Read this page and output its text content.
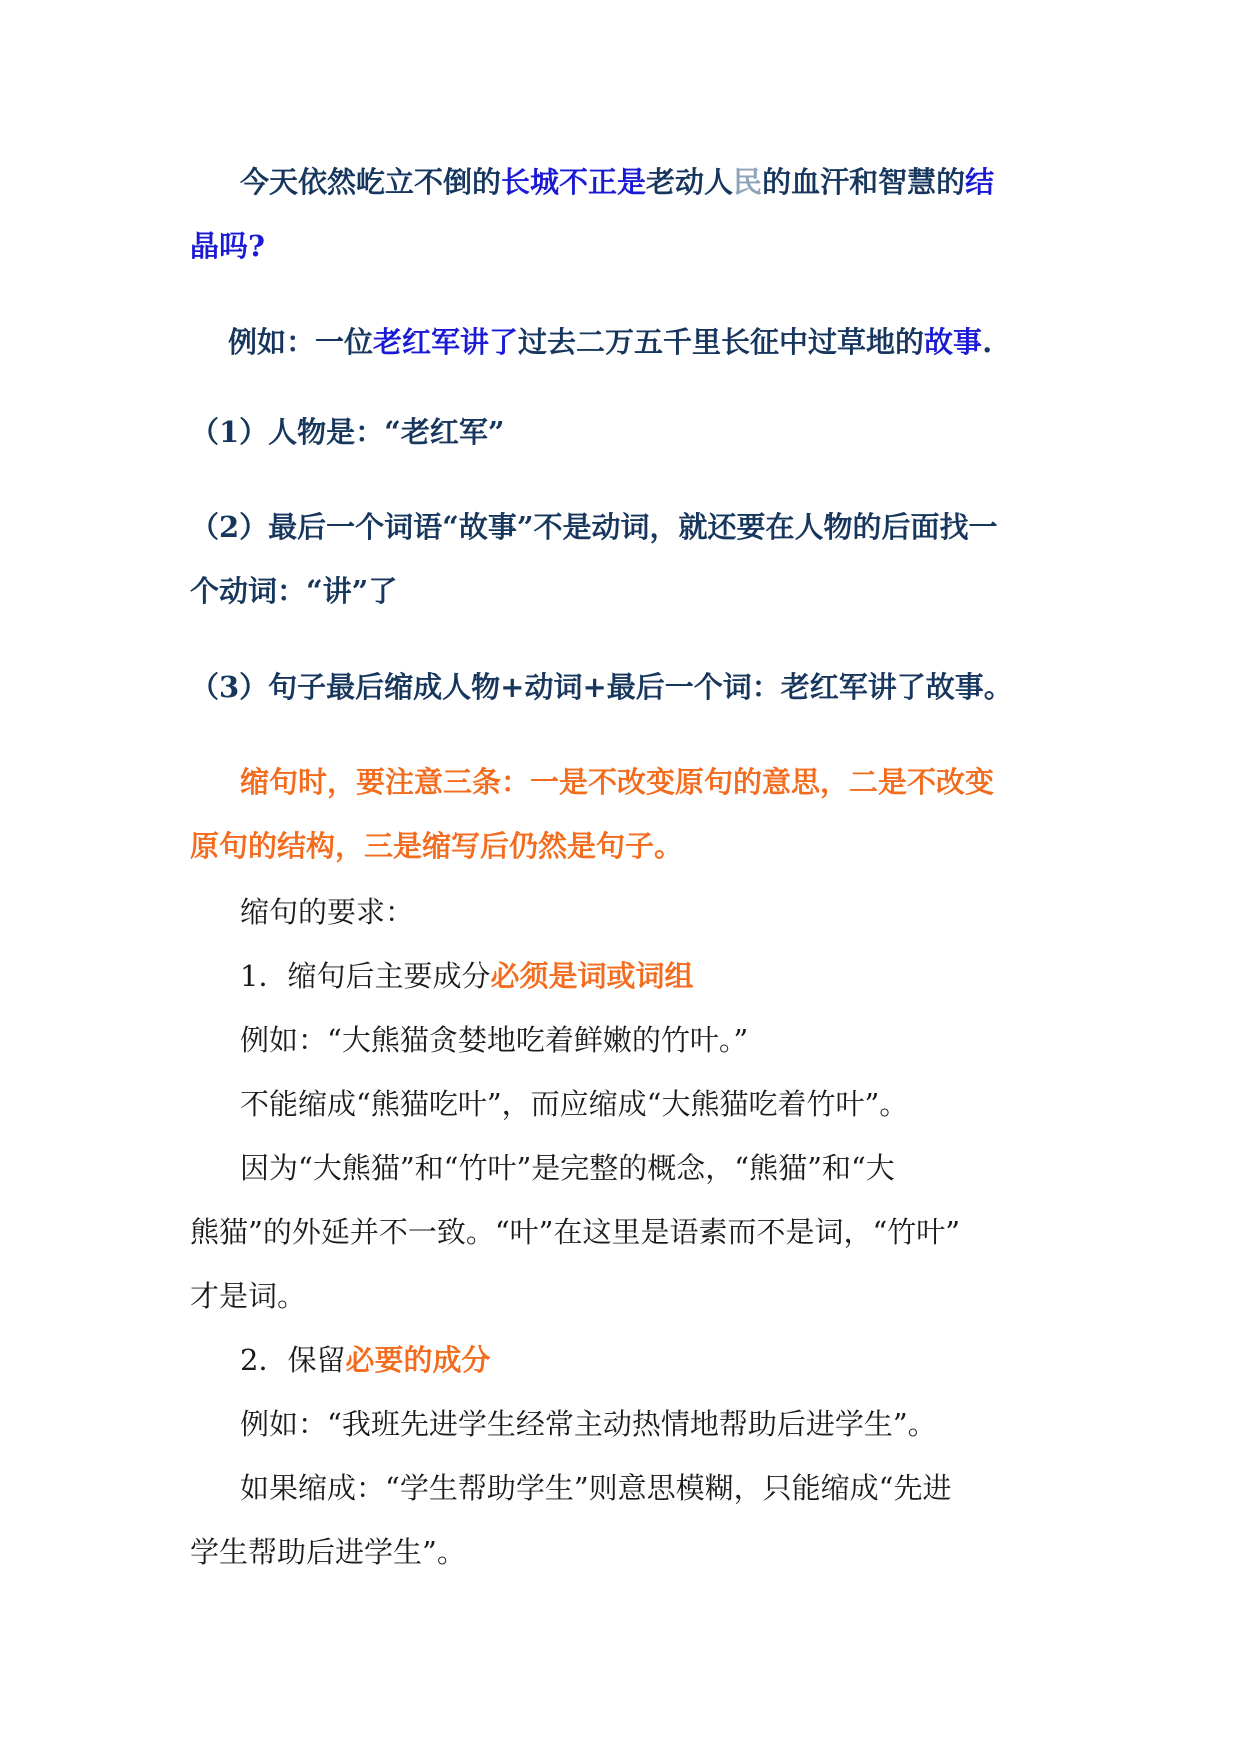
今天依然屹立不倒的长城不正是老动人民的血汗和智慧的结
晶吗?
例如：一位老红军讲了过去二万五千里长征中过草地的故事.
（1）人物是：“老红军”
（2）最后一个词语“故事”不是动词，就还要在人物的后面找一
个动词：“讲”了
（3）句子最后缩成人物+动词+最后一个词：老红军讲了故事。
缩句时，要注意三条：一是不改变原句的意思，二是不改变
原句的结构，三是缩写后仍然是句子。
缩句的要求：
1．缩句后主要成分必须是词或词组
例如：“大熊猫贪婪地吃着鲜嫩的竹叶。”
不能缩成“熊猫吃叶”，而应缩成“大熊猫吃着竹叶”。
因为“大熊猫”和“竹叶”是完整的概念，“熊猫”和“大
熊猫”的外延并不一致。“叶”在这里是语素而不是词，“竹叶”
才是词。
2．保留必要的成分
例如：“我班先进学生经常主动热情地帮助后进学生”。
如果缩成：“学生帮助学生”则意思模糊，只能缩成“先进
学生帮助后进学生”。
